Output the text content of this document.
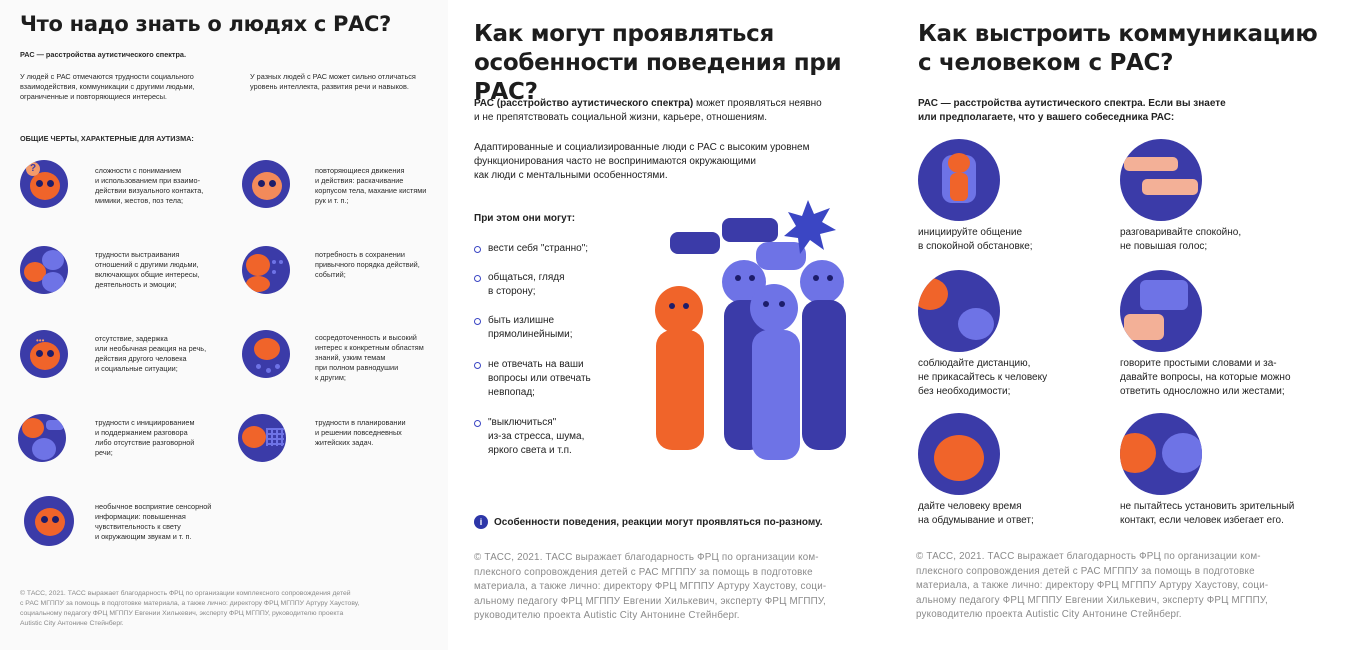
Что надо знать о людях с РАС?
РАС — расстройства аутистического спектра.
У людей с РАС отмечаются трудности социального
взаимодействия, коммуникации с другими людьми,
ограниченные и повторяющиеся интересы.
У разных людей с РАС может сильно отличаться
уровень интеллекта, развития речи и навыков.
ОБЩИЕ ЧЕРТЫ, ХАРАКТЕРНЫЕ ДЛЯ АУТИЗМА:
?	сложности с пониманием
и использованием при взаимо-
действии визуального контакта,
мимики, жестов, поз тела;
повторяющиеся движения
и действия: раскачивание
корпусом тела, махание кистями
рук и т. п.;
трудности выстраивания
отношений с другими людьми,
включающих общие интересы,
деятельность и эмоции;
потребность в сохранении
привычного порядка действий,
событий;
•••	отсутствие, задержка
или необычная реакция на речь,
действия другого человека
и социальные ситуации;
сосредоточенность и высокий
интерес к конкретным областям
знаний, узким темам
при полном равнодушии
к другим;
трудности с инициированием
и поддержанием разговора
либо отсутствие разговорной
речи;
трудности в планировании
и решении повседневных
житейских задач.
необычное восприятие сенсорной
информации: повышенная
чувствительность к свету
и окружающим звукам и т. п.
© ТАСС, 2021. ТАСС выражает благодарность ФРЦ по организации комплексного сопровождения детей
с РАС МГППУ за помощь в подготовке материала, а также лично: директору ФРЦ МГППУ Артуру Хаустову,
социальному педагогу ФРЦ МГППУ Евгении Хилькевич, эксперту ФРЦ МГППУ, руководителю проекта
Autistic City Антонине Стейнберг.
Как могут проявляться
особенности поведения при РАС?
РАС (расстройство аутистического спектра) может проявляться неявно
и не препятствовать социальной жизни, карьере, отношениям.
Адаптированные и социализированные люди с РАС с высоким уровнем
функционирования часто не воспринимаются окружающими
как люди с ментальными особенностями.
При этом они могут:
вести себя "странно";
общаться, глядя
в сторону;
быть излишне
прямолинейными;
не отвечать на ваши
вопросы или отвечать
невпопад;
"выключиться"
из-за стресса, шума,
яркого света и т.п.
i	Особенности поведения, реакции могут проявляться по-разному.
© ТАСС, 2021. ТАСС выражает благодарность ФРЦ по организации ком-
плексного сопровождения детей с РАС МГППУ за помощь в подготовке
материала, а также лично: директору ФРЦ МГППУ Артуру Хаустову, соци-
альному педагогу ФРЦ МГППУ Евгении Хилькевич, эксперту ФРЦ МГППУ,
руководителю проекта Autistic City Антонине Стейнберг.
Как выстроить коммуникацию
с человеком с РАС?
РАС — расстройства аутистического спектра. Если вы знаете
или предполагаете, что у вашего собеседника РАС:
инициируйте общение
в спокойной обстановке;
разговаривайте спокойно,
не повышая голос;
соблюдайте дистанцию,
не прикасайтесь к человеку
без необходимости;
говорите простыми словами и за-
давайте вопросы, на которые можно
ответить односложно или жестами;
дайте человеку время
на обдумывание и ответ;
не пытайтесь установить зрительный
контакт, если человек избегает его.
© ТАСС, 2021. ТАСС выражает благодарность ФРЦ по организации ком-
плексного сопровождения детей с РАС МГППУ за помощь в подготовке
материала, а также лично: директору ФРЦ МГППУ Артуру Хаустову, соци-
альному педагогу ФРЦ МГППУ Евгении Хилькевич, эксперту ФРЦ МГППУ,
руководителю проекта Autistic City Антонине Стейнберг.
